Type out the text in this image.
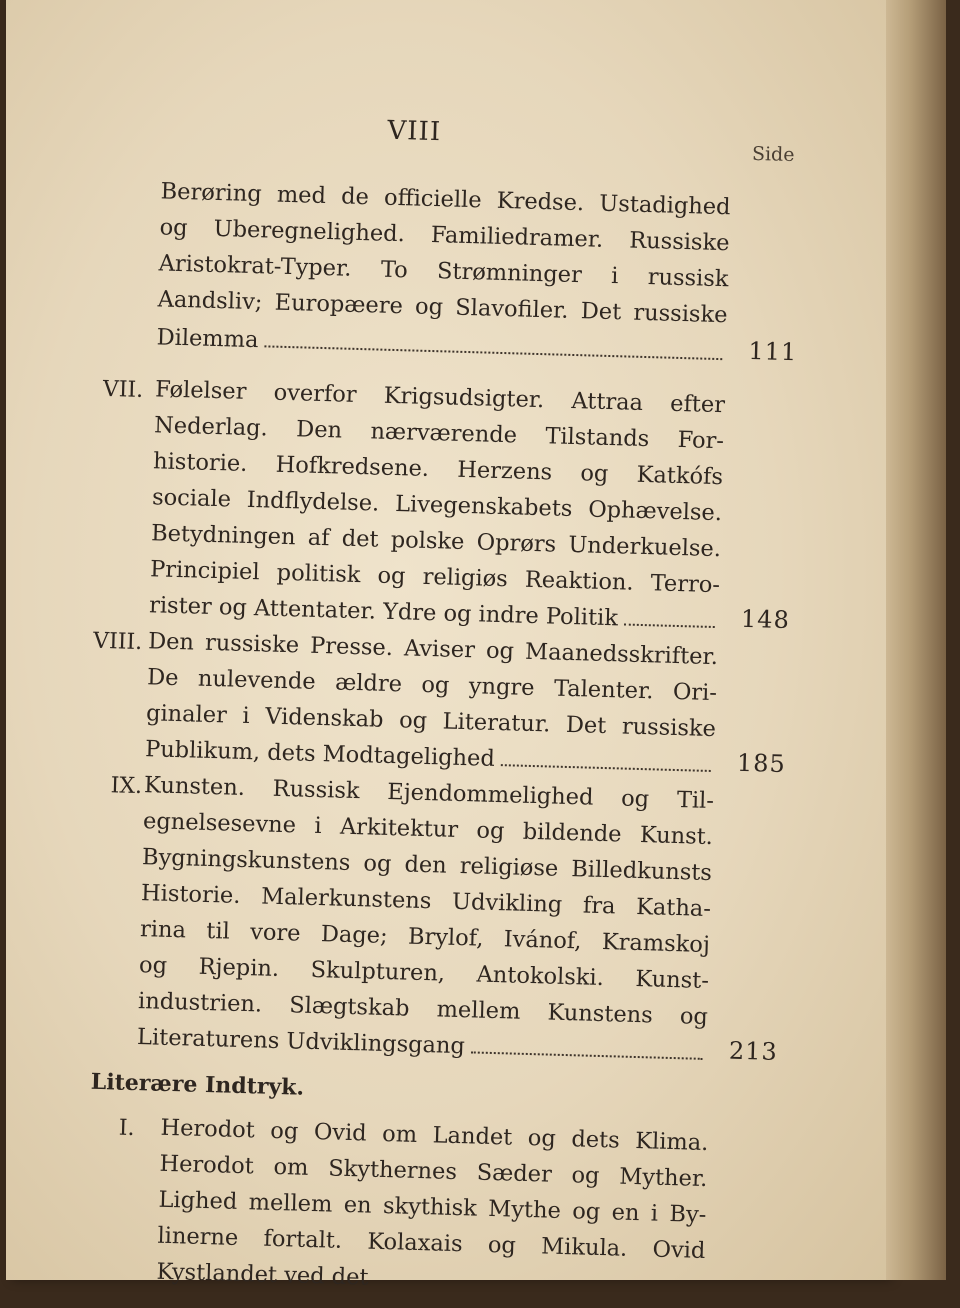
VIII
Side
Berøring med de officielle Kredse. Ustadighed
og Uberegnelighed. Familiedramer. Russiske
Aristokrat-Typer. To Strømninger i russisk
Aandsliv; Europæere og Slavofiler. Det russiske
Dilemma	111
VII. Følelser overfor Krigsudsigter. Attraa efter
Nederlag. Den nærværende Tilstands For-
historie. Hofkredsene. Herzens og Katkófs
sociale Indflydelse. Livegenskabets Ophævelse.
Betydningen af det polske Oprørs Underkuelse.
Principiel politisk og religiøs Reaktion. Terro-
rister og Attentater. Ydre og indre Politik	148
VIII. Den russiske Presse. Aviser og Maanedsskrifter.
De nulevende ældre og yngre Talenter. Ori-
ginaler i Videnskab og Literatur. Det russiske
Publikum, dets Modtagelighed	185
IX. Kunsten. Russisk Ejendommelighed og Til-
egnelsesevne i Arkitektur og bildende Kunst.
Bygningskunstens og den religiøse Billedkunsts
Historie. Malerkunstens Udvikling fra Katha-
rina til vore Dage; Brylof, Ivánof, Kramskoj
og Rjepin. Skulpturen, Antokolski. Kunst-
industrien. Slægtskab mellem Kunstens og
Literaturens Udviklingsgang	213
Literære Indtryk.
I. Herodot og Ovid om Landet og dets Klima.
Herodot om Skythernes Sæder og Myther.
Lighed mellem en skythisk Mythe og en i By-
linerne fortalt. Kolaxais og Mikula. Ovid
Kystlandet ved det
